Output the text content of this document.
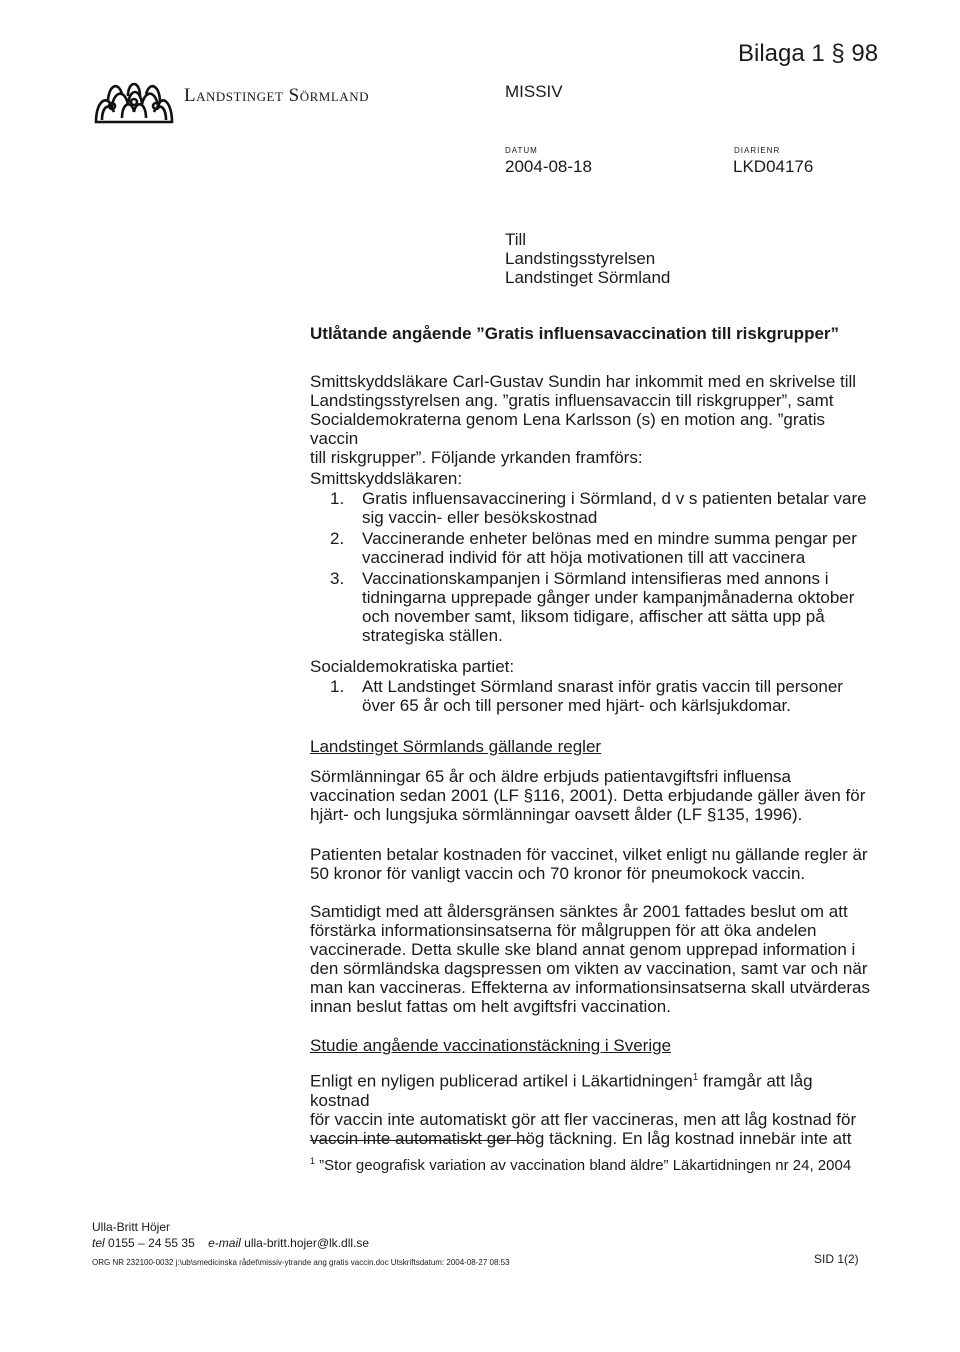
Bilaga 1 § 98
Landstinget Sörmland	MISSIV
DATUM
2004-08-18
DIARIENR
LKD04176
Till
Landstingsstyrelsen
Landstinget Sörmland
Utlåtande angående ”Gratis influensavaccination till riskgrupper”
Smittskyddsläkare Carl-Gustav Sundin har inkommit med en skrivelse till
Landstingsstyrelsen ang. ”gratis influensavaccin till riskgrupper”, samt
Socialdemokraterna genom Lena Karlsson (s) en motion ang. ”gratis vaccin
till riskgrupper”. Följande yrkanden framförs:
Smittskyddsläkaren:
1.	Gratis influensavaccinering i Sörmland, d v s patienten betalar vare
sig vaccin- eller besökskostnad
2.	Vaccinerande enheter belönas med en mindre summa pengar per
vaccinerad individ för att höja motivationen till att vaccinera
3.	Vaccinationskampanjen i Sörmland intensifieras med annons i
tidningarna upprepade gånger under kampanjmånaderna oktober
och november samt, liksom tidigare, affischer att sätta upp på
strategiska ställen.
Socialdemokratiska partiet:
1.	Att Landstinget Sörmland snarast inför gratis vaccin till personer
över 65 år och till personer med hjärt- och kärlsjukdomar.
Landstinget Sörmlands gällande regler
Sörmlänningar 65 år och äldre erbjuds patientavgiftsfri influensa
vaccination sedan 2001 (LF §116, 2001). Detta erbjudande gäller även för
hjärt- och lungsjuka sörmlänningar oavsett ålder (LF §135, 1996).
Patienten betalar kostnaden för vaccinet, vilket enligt nu gällande regler är
50 kronor för vanligt vaccin och 70 kronor för pneumokock vaccin.
Samtidigt med att åldersgränsen sänktes år 2001 fattades beslut om att
förstärka informationsinsatserna för målgruppen för att öka andelen
vaccinerade. Detta skulle ske bland annat genom upprepad information i
den sörmländska dagspressen om vikten av vaccination, samt var och när
man kan vaccineras. Effekterna av informationsinsatserna skall utvärderas
innan beslut fattas om helt avgiftsfri vaccination.
Studie angående vaccinationstäckning i Sverige
Enligt en nyligen publicerad artikel i Läkartidningen$^1$ framgår att låg kostnad
för vaccin inte automatiskt gör att fler vaccineras, men att låg kostnad för
vaccin inte automatiskt ger hög täckning. En låg kostnad innebär inte att
$^1$ ”Stor geografisk variation av vaccination bland äldre” Läkartidningen nr 24, 2004
Ulla-Britt Höjer
tel 0155 – 24 55 35 e-mail ulla-britt.hojer@lk.dll.se
ORG NR 232100-0032 j:\ub\smedicinska rådet\missiv-ytrande ang gratis vaccin.doc Utskriftsdatum: 2004-08-27 08:53	SID 1(2)
